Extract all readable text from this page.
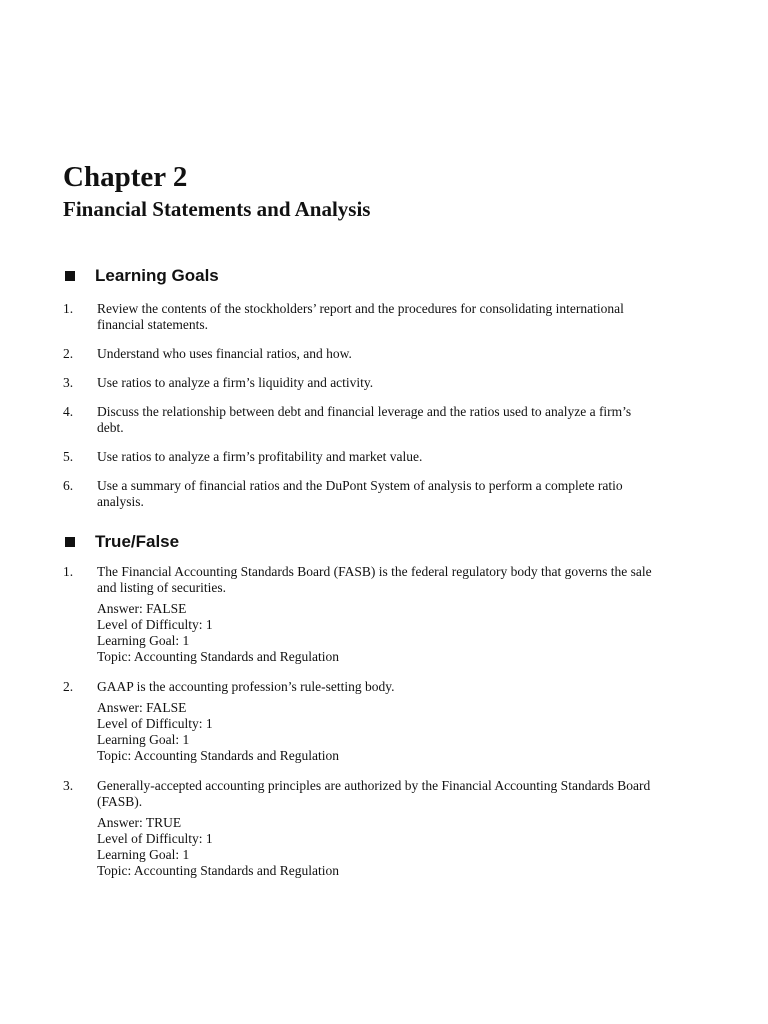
Chapter 2
Financial Statements and Analysis
Learning Goals
1.	Review the contents of the stockholders’ report and the procedures for consolidating international financial statements.
2.	Understand who uses financial ratios, and how.
3.	Use ratios to analyze a firm’s liquidity and activity.
4.	Discuss the relationship between debt and financial leverage and the ratios used to analyze a firm’s debt.
5.	Use ratios to analyze a firm’s profitability and market value.
6.	Use a summary of financial ratios and the DuPont System of analysis to perform a complete ratio analysis.
True/False
1.	The Financial Accounting Standards Board (FASB) is the federal regulatory body that governs the sale and listing of securities.
Answer: FALSE
Level of Difficulty: 1
Learning Goal: 1
Topic: Accounting Standards and Regulation
2.	GAAP is the accounting profession’s rule-setting body.
Answer: FALSE
Level of Difficulty: 1
Learning Goal: 1
Topic: Accounting Standards and Regulation
3.	Generally-accepted accounting principles are authorized by the Financial Accounting Standards Board (FASB).
Answer: TRUE
Level of Difficulty: 1
Learning Goal: 1
Topic: Accounting Standards and Regulation
